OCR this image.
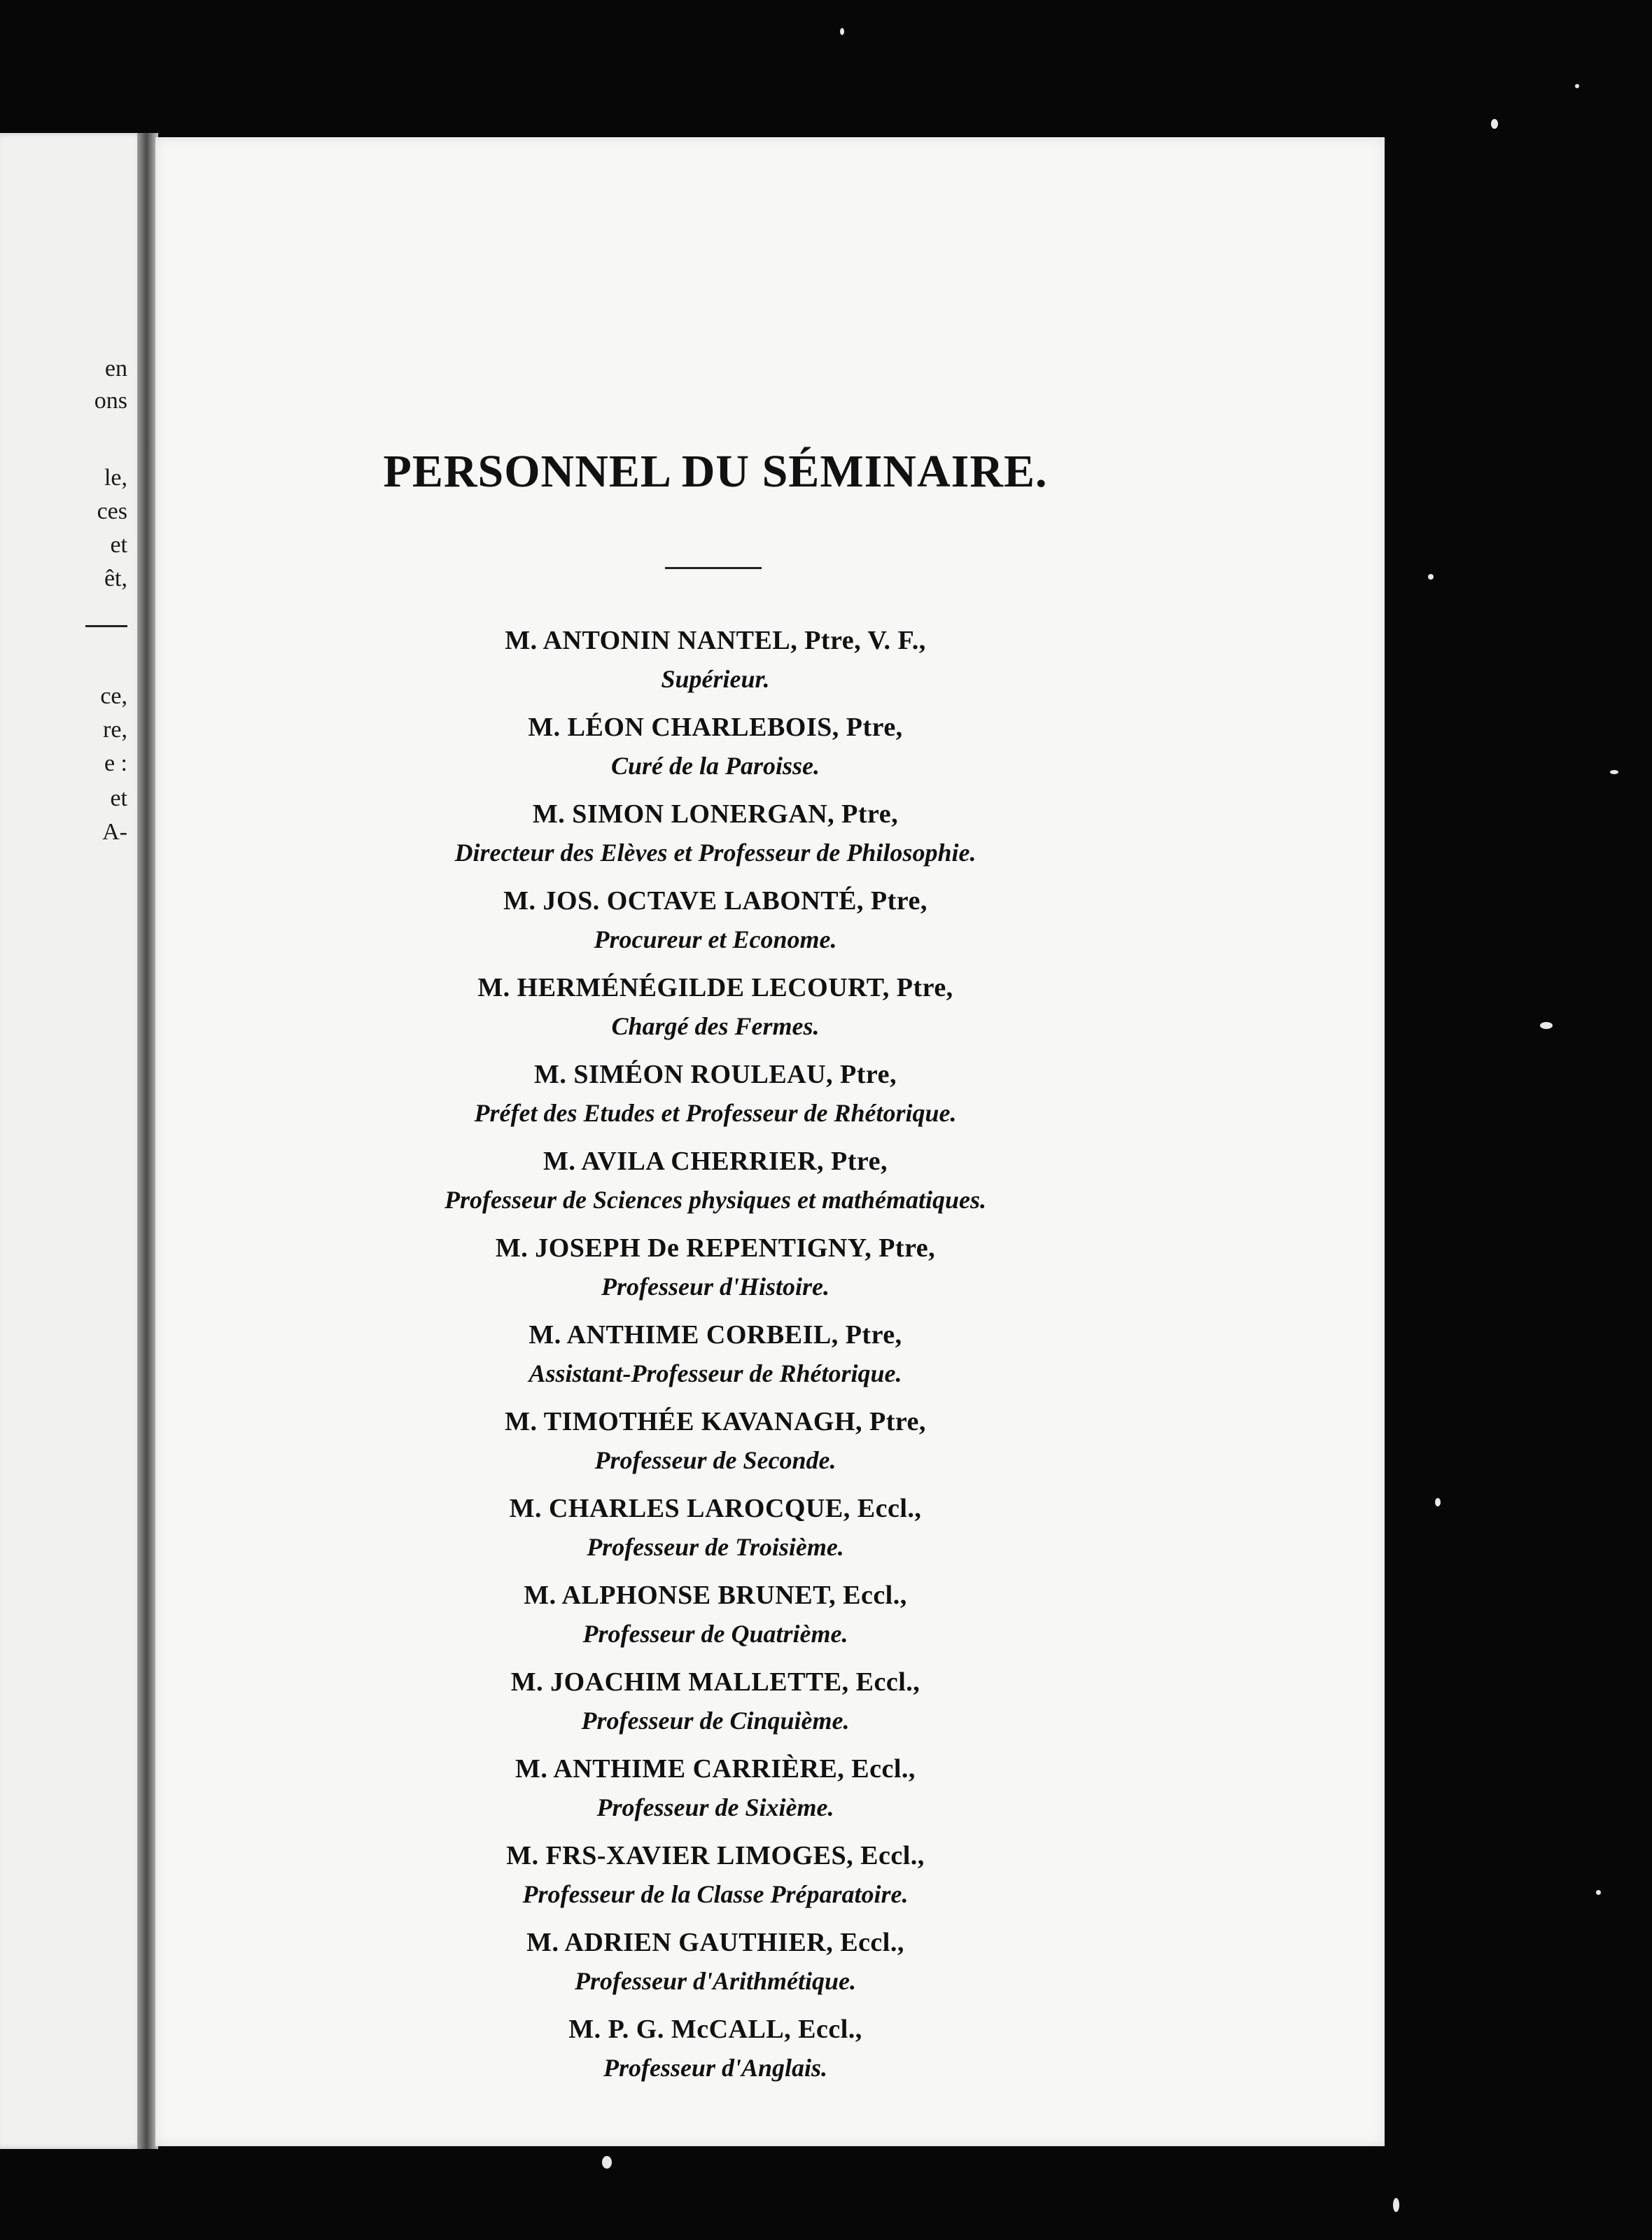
en
ons
le,
ces
et
êt,
ce,
re,
e :
et
A-
PERSONNEL DU SÉMINAIRE.
M. ANTONIN NANTEL, Ptre, V. F.,
Supérieur.
M. LÉON CHARLEBOIS, Ptre,
Curé de la Paroisse.
M. SIMON LONERGAN, Ptre,
Directeur des Elèves et Professeur de Philosophie.
M. JOS. OCTAVE LABONTÉ, Ptre,
Procureur et Econome.
M. HERMÉNÉGILDE LECOURT, Ptre,
Chargé des Fermes.
M. SIMÉON ROULEAU, Ptre,
Préfet des Etudes et Professeur de Rhétorique.
M. AVILA CHERRIER, Ptre,
Professeur de Sciences physiques et mathématiques.
M. JOSEPH De REPENTIGNY, Ptre,
Professeur d'Histoire.
M. ANTHIME CORBEIL, Ptre,
Assistant-Professeur de Rhétorique.
M. TIMOTHÉE KAVANAGH, Ptre,
Professeur de Seconde.
M. CHARLES LAROCQUE, Eccl.,
Professeur de Troisième.
M. ALPHONSE BRUNET, Eccl.,
Professeur de Quatrième.
M. JOACHIM MALLETTE, Eccl.,
Professeur de Cinquième.
M. ANTHIME CARRIÈRE, Eccl.,
Professeur de Sixième.
M. FRS-XAVIER LIMOGES, Eccl.,
Professeur de la Classe Préparatoire.
M. ADRIEN GAUTHIER, Eccl.,
Professeur d'Arithmétique.
M. P. G. McCALL, Eccl.,
Professeur d'Anglais.
